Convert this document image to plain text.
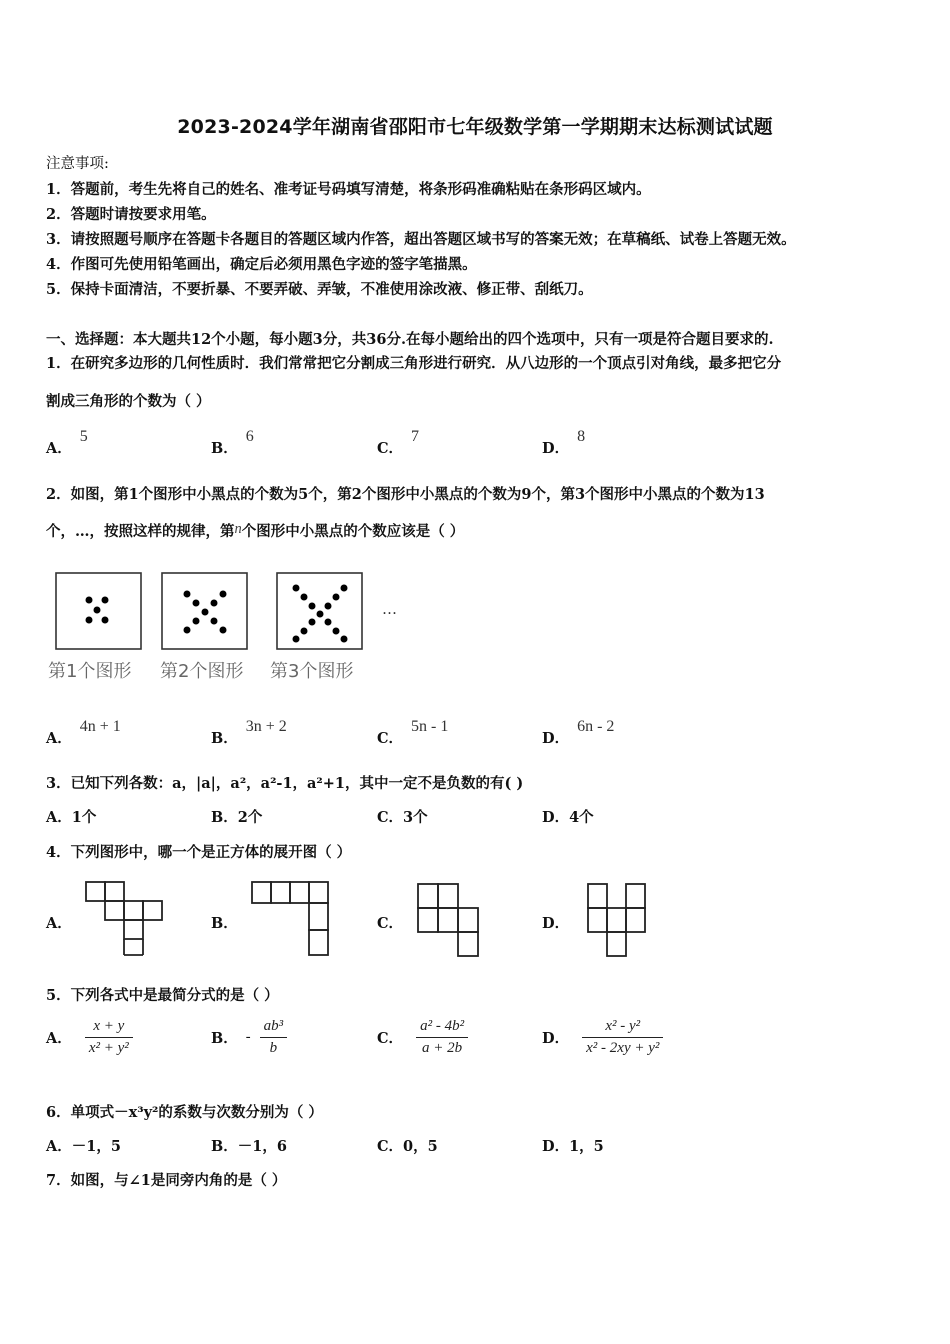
2023-2024学年湖南省邵阳市七年级数学第一学期期末达标测试试题
注意事项:
1．答题前，考生先将自己的姓名、准考证号码填写清楚，将条形码准确粘贴在条形码区域内。
2．答题时请按要求用笔。
3．请按照题号顺序在答题卡各题目的答题区域内作答，超出答题区域书写的答案无效；在草稿纸、试卷上答题无效。
4．作图可先使用铅笔画出，确定后必须用黑色字迹的签字笔描黑。
5．保持卡面清洁，不要折暴、不要弄破、弄皱，不准使用涂改液、修正带、刮纸刀。
一、选择题：本大题共12个小题，每小题3分，共36分.在每小题给出的四个选项中，只有一项是符合题目要求的.
1．在研究多边形的几何性质时．我们常常把它分割成三角形进行研究．从八边形的一个顶点引对角线，最多把它分
割成三角形的个数为（ ）
A．5
B．6
C．7
D．8
2．如图，第1个图形中小黑点的个数为5个，第2个图形中小黑点的个数为9个，第3个图形中小黑点的个数为13
个，…，按照这样的规律，第n个图形中小黑点的个数应该是（ ）
…
第1个图形 第2个图形 第3个图形
A．4n + 1
B．3n + 2
C．5n - 1
D．6n - 2
3．已知下列各数：a，|a|，a²，a²-1，a²+1，其中一定不是负数的有( )
A．1个	B．2个	C．3个	D．4个
4．下列图形中，哪一个是正方体的展开图（ ）
A．	B．	C．	D．
5．下列各式中是最简分式的是（ ）
A． $\frac{x + y}{\text{x² + y²}}$	B． - $\frac{\text{ab³}}{b}$	C． $\frac{\text{a² - 4b²}}{a + 2b}$	D． $\frac{\text{x² - y²}}{\text{x² - 2xy + y²}}$
6．单项式－x³y²的系数与次数分别为（ ）
A．－1，5	B．－1，6	C．0，5	D．1，5
7．如图，与∠1是同旁内角的是（ ）
